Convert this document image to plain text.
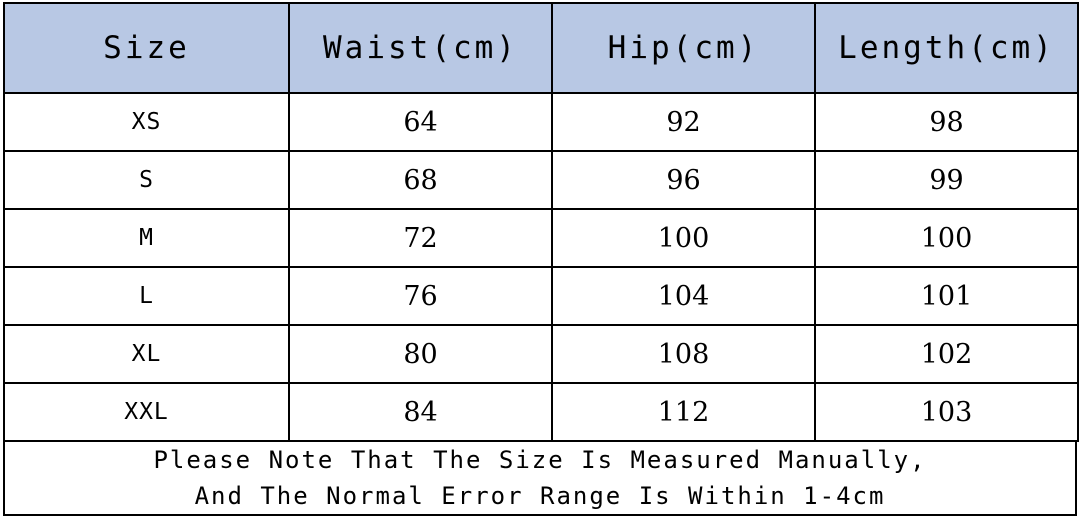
Size	Waist(cm)	Hip(cm)	Length(cm)
XS	64	92	98
S	68	96	99
M	72	100	100
L	76	104	101
XL	80	108	102
XXL	84	112	103
Please Note That The Size Is Measured Manually,
And The Normal Error Range Is Within 1-4cm
